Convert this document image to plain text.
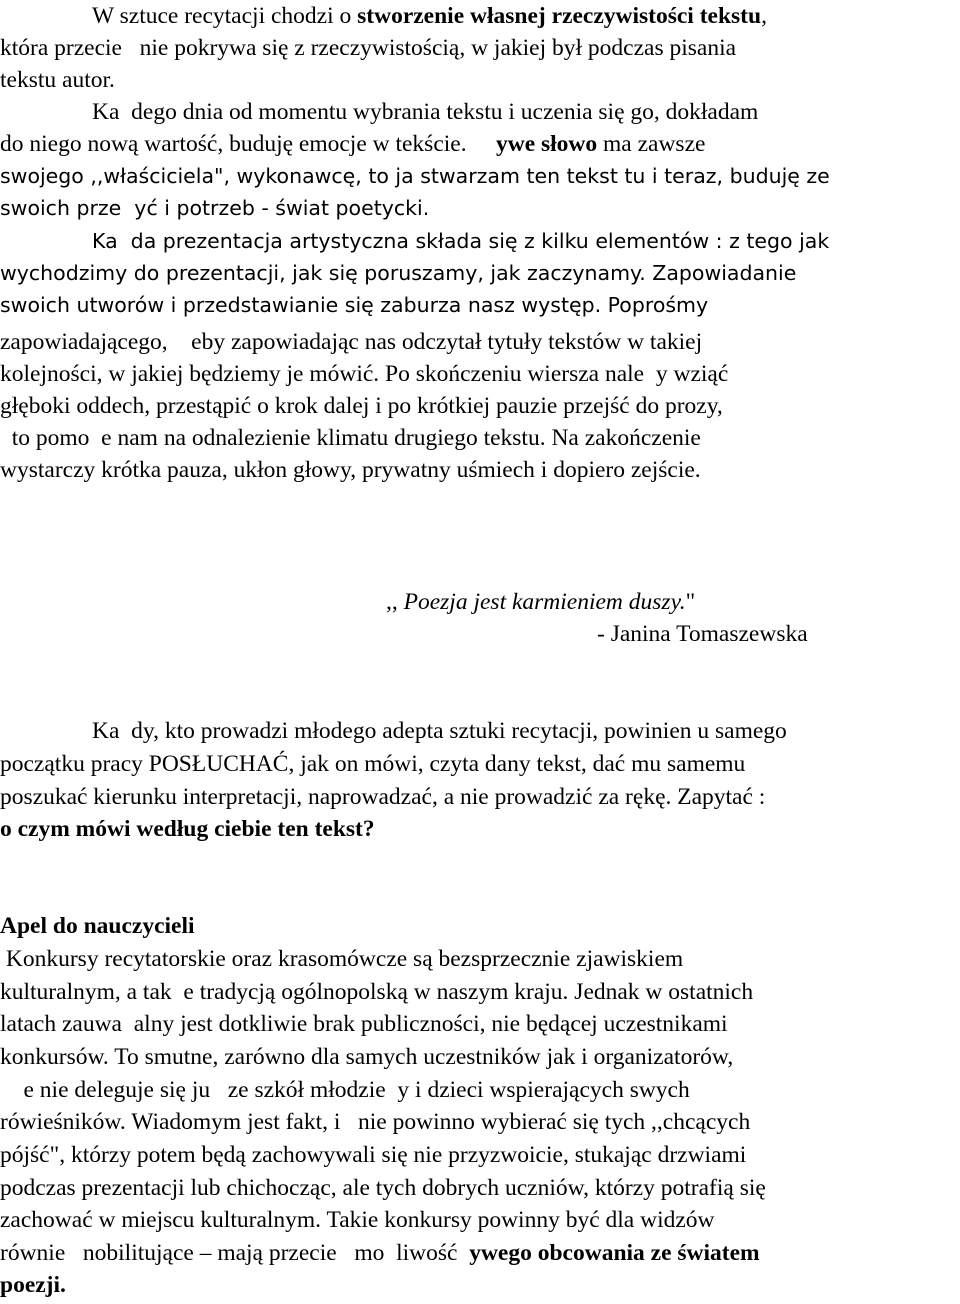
W sztuce recytacji chodzi o stworzenie własnej rzeczywistości tekstu,
która przecie   nie pokrywa się z rzeczywistością, w jakiej był podczas pisania
tekstu autor.
Ka  dego dnia od momentu wybrania tekstu i uczenia się go, dokładam
do niego nową wartość, buduję emocje w tekście.     ywe słowo ma zawsze
swojego ,,właściciela", wykonawcę, to ja stwarzam ten tekst tu i teraz, buduję ze
swoich prze  yć i potrzeb - świat poetycki.
Ka  da prezentacja artystyczna składa się z kilku elementów : z tego jak
wychodzimy do prezentacji, jak się poruszamy, jak zaczynamy. Zapowiadanie
swoich utworów i przedstawianie się zaburza nasz występ. Poprośmy
zapowiadającego,    eby zapowiadając nas odczytał tytuły tekstów w takiej
kolejności, w jakiej będziemy je mówić. Po skończeniu wiersza nale  y wziąć
głęboki oddech, przestąpić o krok dalej i po krótkiej pauzie przejść do prozy,
to pomo  e nam na odnalezienie klimatu drugiego tekstu. Na zakończenie
wystarczy krótka pauza, ukłon głowy, prywatny uśmiech i dopiero zejście.
,, Poezja jest karmieniem duszy."
- Janina Tomaszewska
Ka  dy, kto prowadzi młodego adepta sztuki recytacji, powinien u samego
początku pracy POSŁUCHAĆ, jak on mówi, czyta dany tekst, dać mu samemu
poszukać kierunku interpretacji, naprowadzać, a nie prowadzić za rękę. Zapytać :
o czym mówi według ciebie ten tekst?
Apel do nauczycieli
Konkursy recytatorskie oraz krasomówcze są bezsprzecznie zjawiskiem
kulturalnym, a tak  e tradycją ogólnopolską w naszym kraju. Jednak w ostatnich
latach zauwa  alny jest dotkliwie brak publiczności, nie będącej uczestnikami
konkursów. To smutne, zarówno dla samych uczestników jak i organizatorów,
e nie deleguje się ju   ze szkół młodzie  y i dzieci wspierających swych
rówieśników. Wiadomym jest fakt, i   nie powinno wybierać się tych ,,chcących
pójść", którzy potem będą zachowywali się nie przyzwoicie, stukając drzwiami
podczas prezentacji lub chichocząc, ale tych dobrych uczniów, którzy potrafią się
zachować w miejscu kulturalnym. Takie konkursy powinny być dla widzów
równie   nobilitujące – mają przecie   mo  liwość  ywego obcowania ze światem
poezji.
